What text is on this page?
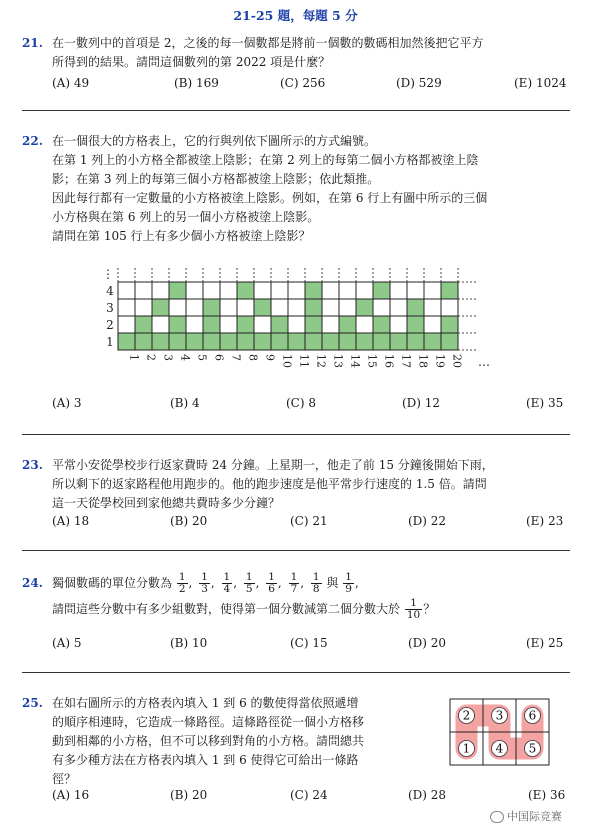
21-25 題，每題 5 分
21. 在一數列中的首項是 2，之後的每一個數都是將前一個數的數碼相加然後把它平方
所得到的結果。請問這個數列的第 2022 項是什麼？
(A) 49	(B) 169	(C) 256	(D) 529	(E) 1024
22. 在一個很大的方格表上，它的行與列依下圖所示的方式編號。
在第 1 列上的小方格全都被塗上陰影；在第 2 列上的每第二個小方格都被塗上陰
影；在第 3 列上的每第三個小方格都被塗上陰影；依此類推。
因此每行都有一定數量的小方格被塗上陰影。例如，在第 6 行上有圖中所示的三個
小方格與在第 6 列上的另一個小方格被塗上陰影。
請問在第 105 行上有多少個小方格被塗上陰影？
⋮
…
1
2
3
4
1 2 3 4 5 6 7 8 9 10 11 12 13 14 15 16 17 18 19 20
(A) 3	(B) 4	(C) 8	(D) 12	(E) 35
23. 平常小安從學校步行返家費時 24 分鐘。上星期一，他走了前 15 分鐘後開始下雨，
所以剩下的返家路程他用跑步的。他的跑步速度是他平常步行速度的 1.5 倍。請問
這一天從學校回到家他總共費時多少分鐘？
(A) 18	(B) 20	(C) 21	(D) 22	(E) 23
24. 獨個數碼的單位分數為 $\frac{1}{2}$ , $\frac{1}{3}$ , $\frac{1}{4}$ , $\frac{1}{5}$ , $\frac{1}{6}$ , $\frac{1}{7}$ , $\frac{1}{8}$ 與 $\frac{1}{9}$ ,
請問這些分數中有多少組數對，使得第一個分數減第二個分數大於 $\frac{1}{10}$ ？
(A) 5	(B) 10	(C) 15	(D) 20	(E) 25
25. 在如右圖所示的方格表內填入 1 到 6 的數使得當依照遞增
的順序相連時，它造成一條路徑。這條路徑從一個小方格移
動到相鄰的小方格，但不可以移到對角的小方格。請問總共
有多少種方法在方格表內填入 1 到 6 使得它可給出一條路
徑？
2 3 6
1 4 5
(A) 16	(B) 20	(C) 24	(D) 28	(E) 36
中国际竞赛
